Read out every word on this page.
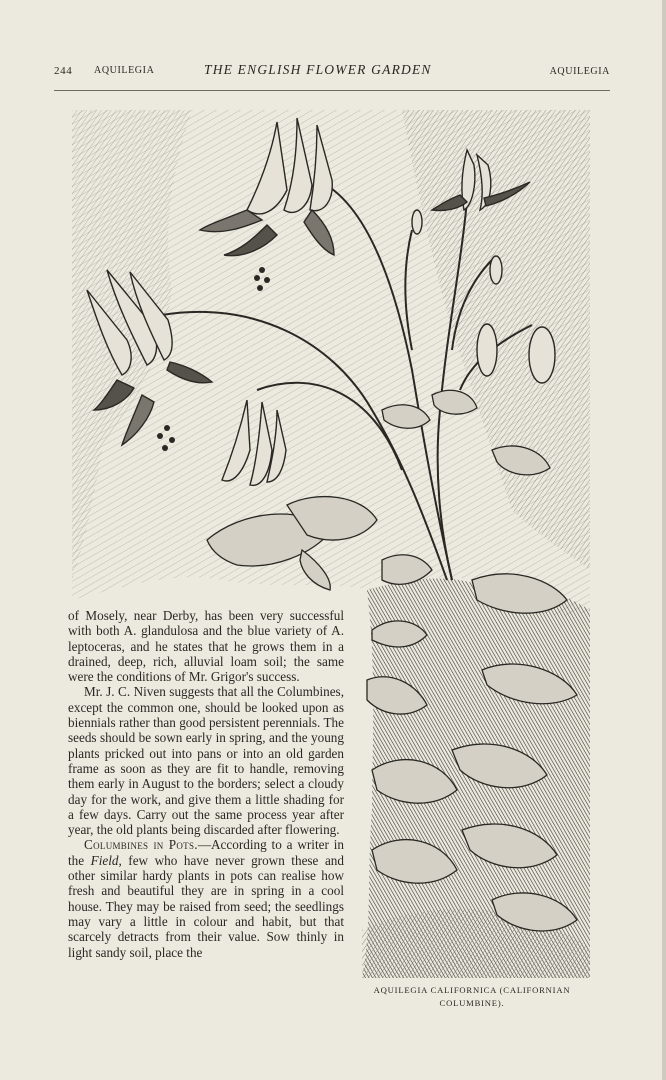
244 AQUILEGIA	THE ENGLISH FLOWER GARDEN	AQUILEGIA

of Mosely, near Derby, has been very successful with both A. glandulosa and the blue variety of A. leptoceras, and he states that he grows them in a drained, deep, rich, alluvial loam soil; the same were the conditions of Mr. Grigor's success.

Mr. J. C. Niven suggests that all the Columbines, except the common one, should be looked upon as biennials rather than good persistent perennials. The seeds should be sown early in spring, and the young plants pricked out into pans or into an old garden frame as soon as they are fit to handle, removing them early in August to the borders; select a cloudy day for the work, and give them a little shading for a few days. Carry out the same process year after year, the old plants being discarded after flowering.

Columbines in Pots.—According to a writer in the Field, few who have never grown these and other similar hardy plants in pots can realise how fresh and beautiful they are in spring in a cool house. They may be raised from seed; the seedlings may vary a little in colour and habit, but that scarcely detracts from their value. Sow thinly in light sandy soil, place the

AQUILEGIA CALIFORNICA (CALIFORNIAN COLUMBINE).
